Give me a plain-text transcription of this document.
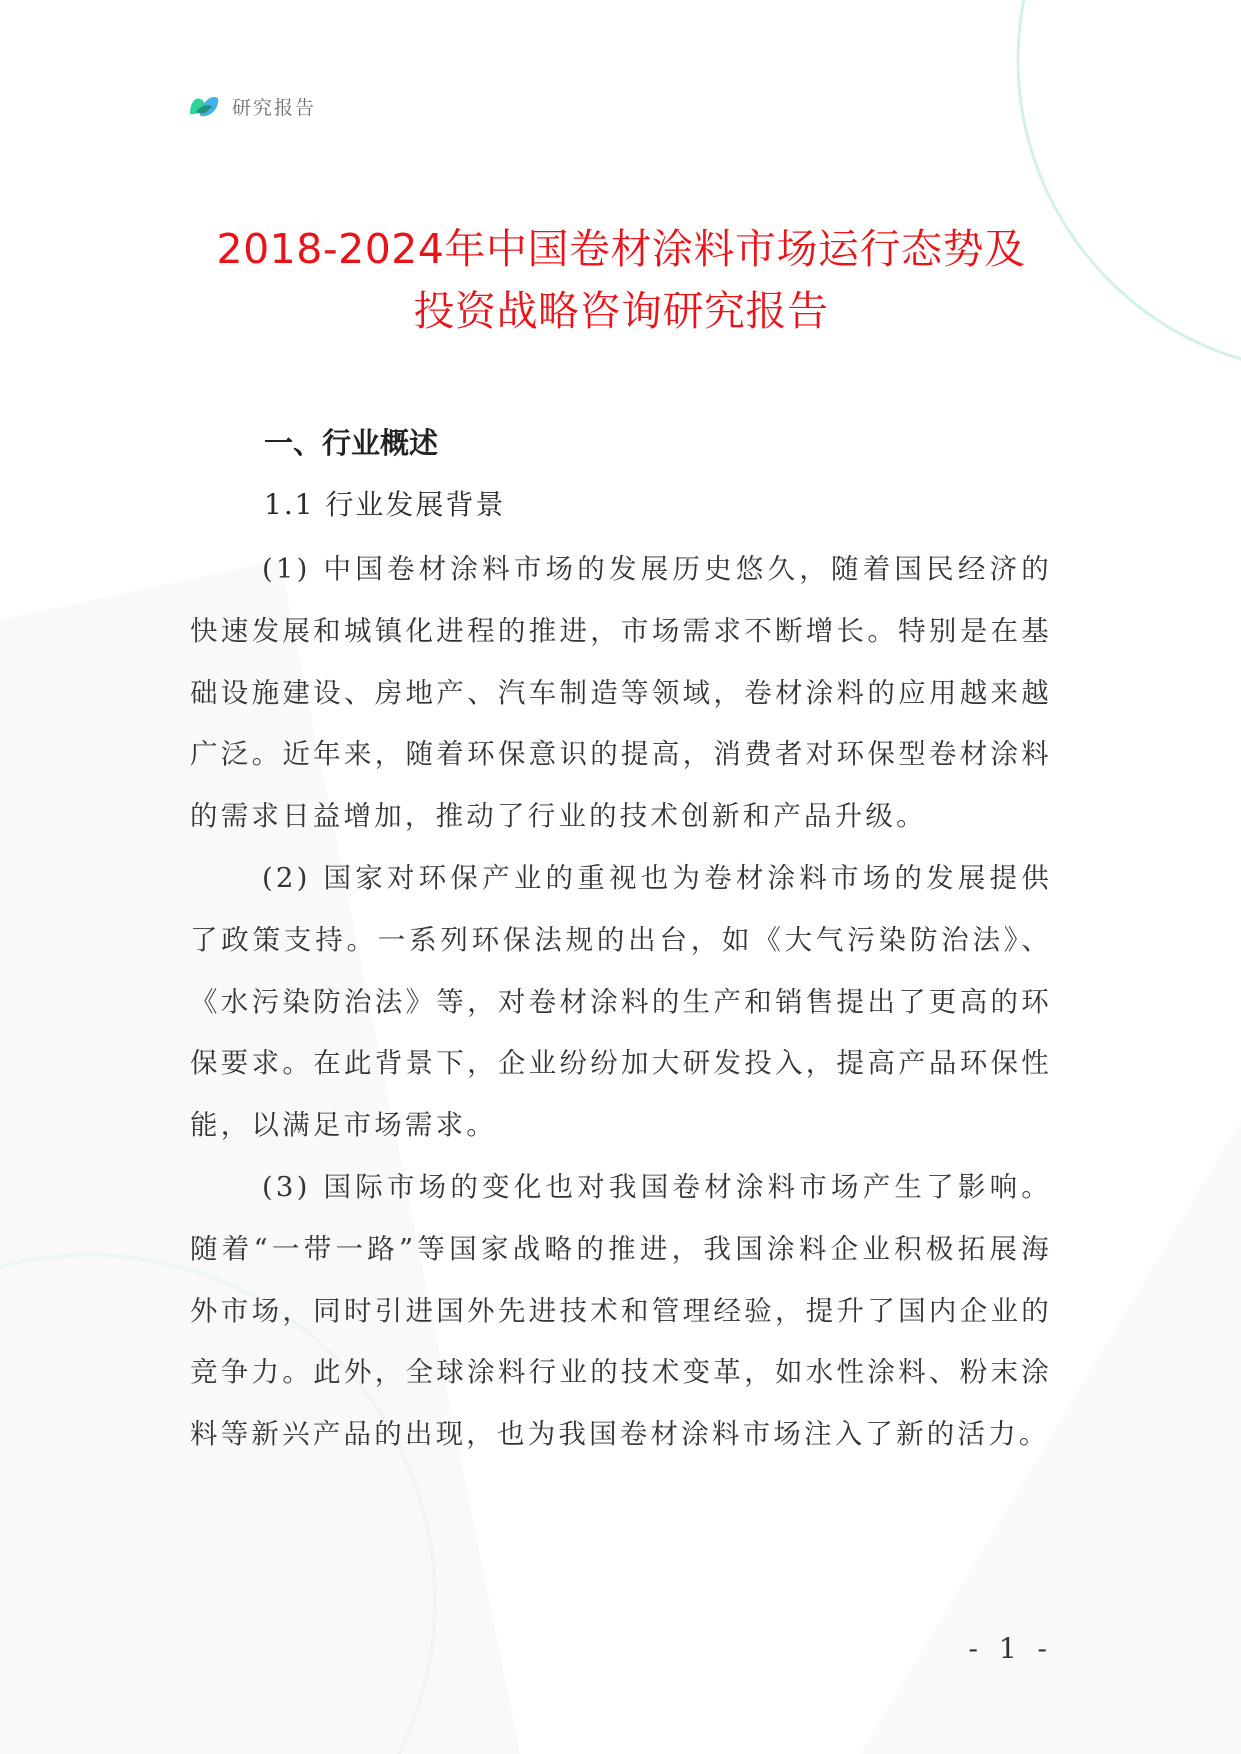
研究报告
2018-2024年中国卷材涂料市场运行态势及
投资战略咨询研究报告
一、行业概述
1.1 行业发展背景

(1) 中国卷材涂料市场的发展历史悠久，随着国民经济的快速发展和城镇化进程的推进，市场需求不断增长。特别是在基础设施建设、房地产、汽车制造等领域，卷材涂料的应用越来越广泛。近年来，随着环保意识的提高，消费者对环保型卷材涂料的需求日益增加，推动了行业的技术创新和产品升级。

(2) 国家对环保产业的重视也为卷材涂料市场的发展提供了政策支持。一系列环保法规的出台，如《大气污染防治法》、《水污染防治法》等，对卷材涂料的生产和销售提出了更高的环保要求。在此背景下，企业纷纷加大研发投入，提高产品环保性能，以满足市场需求。

(3) 国际市场的变化也对我国卷材涂料市场产生了影响。随着“一带一路”等国家战略的推进，我国涂料企业积极拓展海外市场，同时引进国外先进技术和管理经验，提升了国内企业的竞争力。此外，全球涂料行业的技术变革，如水性涂料、粉末涂料等新兴产品的出现，也为我国卷材涂料市场注入了新的活力。

- 1 -
